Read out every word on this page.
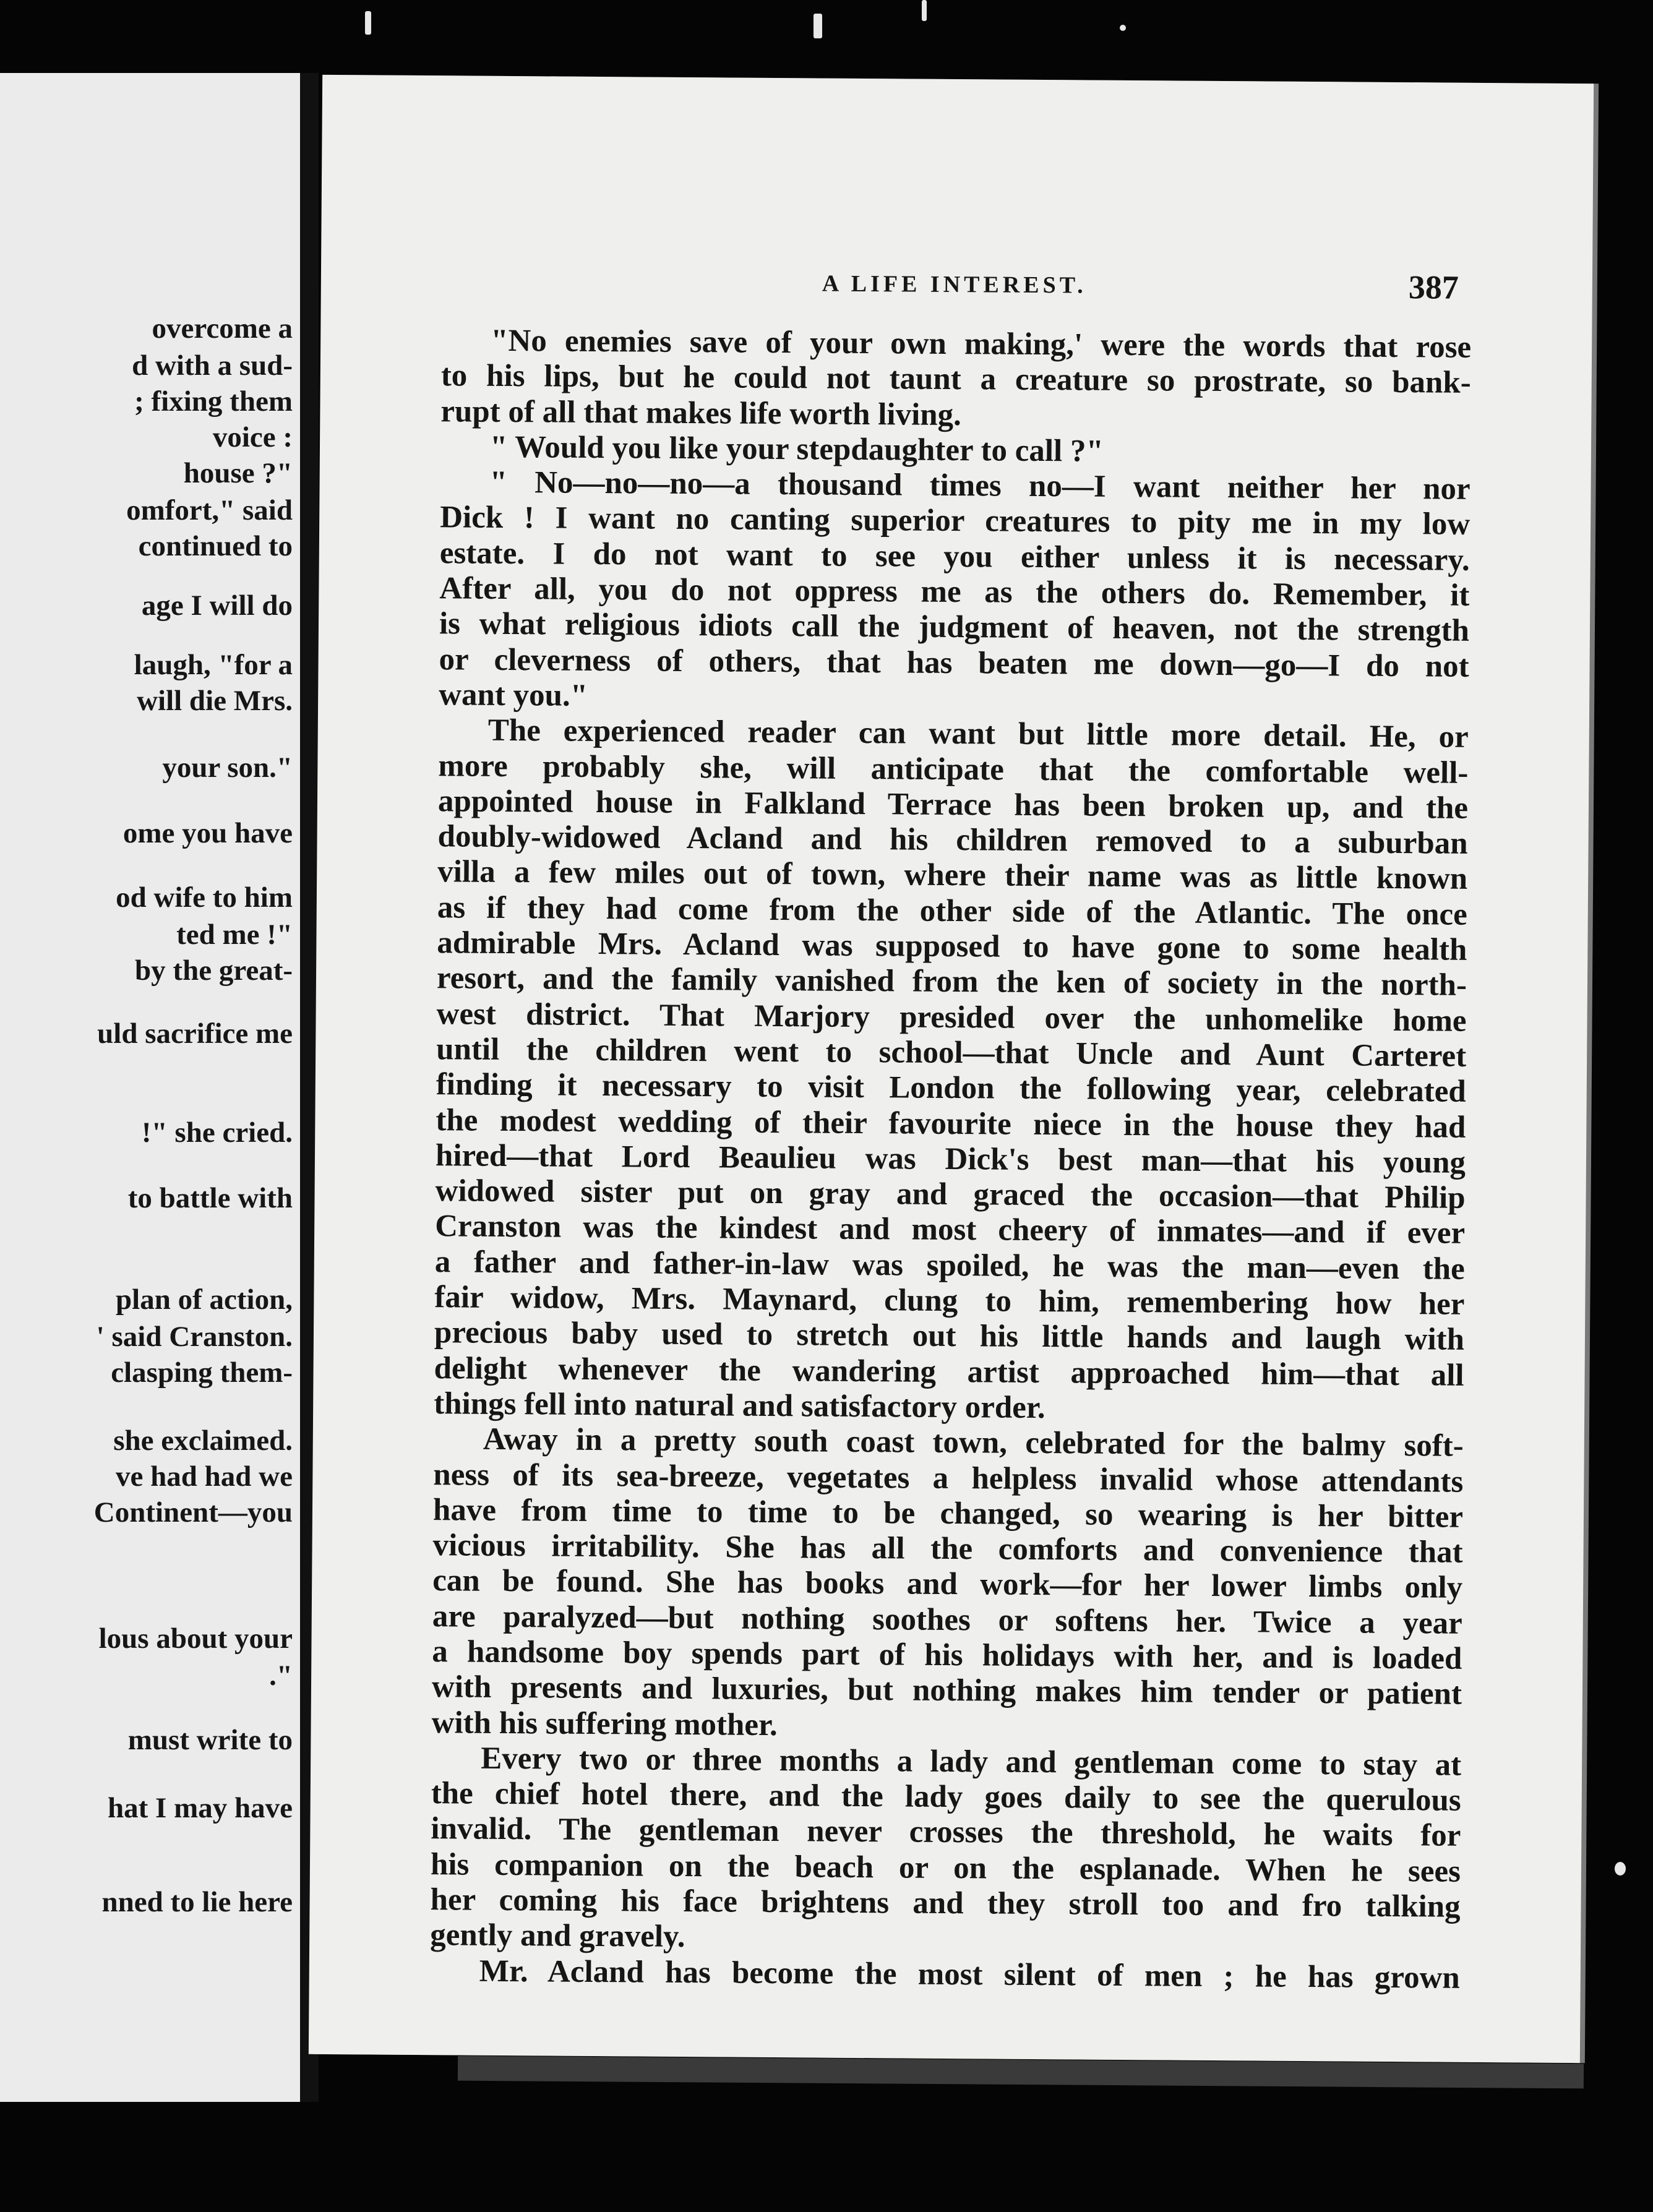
overcome a
d with a sud-
; fixing them
voice :
house ?"
omfort," said
continued to
age I will do
laugh, "for a
will die Mrs.
your son."
ome you have
od wife to him
ted me !"
by the great-
uld sacrifice me
!" she cried.
to battle with
plan of action,
' said Cranston.
clasping them-
she exclaimed.
ve had had we
Continent—you
lous about your
."
must write to
hat I may have
nned to lie here
A LIFE INTEREST.	387
"No enemies save of your own making,' were the words that rose
to his lips, but he could not taunt a creature so prostrate, so bank-
rupt of all that makes life worth living.
" Would you like your stepdaughter to call ?"
" No—no—no—a thousand times no—I want neither her nor
Dick ! I want no canting superior creatures to pity me in my low
estate. I do not want to see you either unless it is necessary.
After all, you do not oppress me as the others do. Remember, it
is what religious idiots call the judgment of heaven, not the strength
or cleverness of others, that has beaten me down—go—I do not
want you."
The experienced reader can want but little more detail. He, or
more probably she, will anticipate that the comfortable well-
appointed house in Falkland Terrace has been broken up, and the
doubly-widowed Acland and his children removed to a suburban
villa a few miles out of town, where their name was as little known
as if they had come from the other side of the Atlantic. The once
admirable Mrs. Acland was supposed to have gone to some health
resort, and the family vanished from the ken of society in the north-
west district. That Marjory presided over the unhomelike home
until the children went to school—that Uncle and Aunt Carteret
finding it necessary to visit London the following year, celebrated
the modest wedding of their favourite niece in the house they had
hired—that Lord Beaulieu was Dick's best man—that his young
widowed sister put on gray and graced the occasion—that Philip
Cranston was the kindest and most cheery of inmates—and if ever
a father and father-in-law was spoiled, he was the man—even the
fair widow, Mrs. Maynard, clung to him, remembering how her
precious baby used to stretch out his little hands and laugh with
delight whenever the wandering artist approached him—that all
things fell into natural and satisfactory order.
Away in a pretty south coast town, celebrated for the balmy soft-
ness of its sea-breeze, vegetates a helpless invalid whose attendants
have from time to time to be changed, so wearing is her bitter
vicious irritability. She has all the comforts and convenience that
can be found. She has books and work—for her lower limbs only
are paralyzed—but nothing soothes or softens her. Twice a year
a handsome boy spends part of his holidays with her, and is loaded
with presents and luxuries, but nothing makes him tender or patient
with his suffering mother.
Every two or three months a lady and gentleman come to stay at
the chief hotel there, and the lady goes daily to see the querulous
invalid. The gentleman never crosses the threshold, he waits for
his companion on the beach or on the esplanade. When he sees
her coming his face brightens and they stroll too and fro talking
gently and gravely.
Mr. Acland has become the most silent of men ; he has grown
